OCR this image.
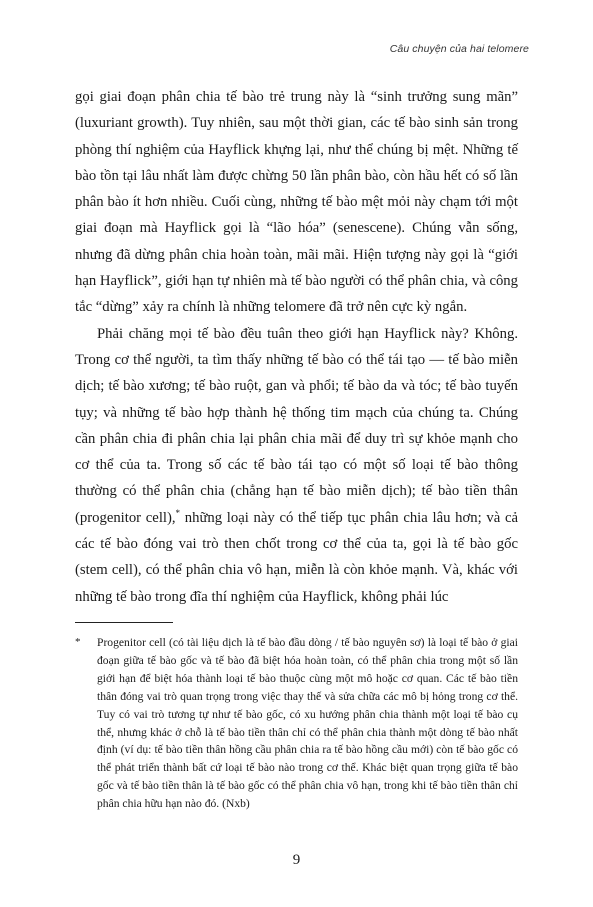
Câu chuyện của hai telomere

gọi giai đoạn phân chia tế bào trẻ trung này là “sinh trưởng sung mãn” (luxuriant growth). Tuy nhiên, sau một thời gian, các tế bào sinh sản trong phòng thí nghiệm của Hayflick khựng lại, như thể chúng bị mệt. Những tế bào tồn tại lâu nhất làm được chừng 50 lần phân bào, còn hầu hết có số lần phân bào ít hơn nhiều. Cuối cùng, những tế bào mệt mỏi này chạm tới một giai đoạn mà Hayflick gọi là “lão hóa” (senescene). Chúng vẫn sống, nhưng đã dừng phân chia hoàn toàn, mãi mãi. Hiện tượng này gọi là “giới hạn Hayflick”, giới hạn tự nhiên mà tế bào người có thể phân chia, và công tắc “dừng” xảy ra chính là những telomere đã trở nên cực kỳ ngắn.

Phải chăng mọi tế bào đều tuân theo giới hạn Hayflick này? Không. Trong cơ thể người, ta tìm thấy những tế bào có thể tái tạo — tế bào miễn dịch; tế bào xương; tế bào ruột, gan và phổi; tế bào da và tóc; tế bào tuyến tụy; và những tế bào hợp thành hệ thống tim mạch của chúng ta. Chúng cần phân chia đi phân chia lại phân chia mãi để duy trì sự khỏe mạnh cho cơ thể của ta. Trong số các tế bào tái tạo có một số loại tế bào thông thường có thể phân chia (chẳng hạn tế bào miễn dịch); tế bào tiền thân (progenitor cell),* những loại này có thể tiếp tục phân chia lâu hơn; và cả các tế bào đóng vai trò then chốt trong cơ thể của ta, gọi là tế bào gốc (stem cell), có thể phân chia vô hạn, miễn là còn khỏe mạnh. Và, khác với những tế bào trong đĩa thí nghiệm của Hayflick, không phải lúc

*	Progenitor cell (có tài liệu dịch là tế bào đầu dòng / tế bào nguyên sơ) là loại tế bào ở giai đoạn giữa tế bào gốc và tế bào đã biệt hóa hoàn toàn, có thể phân chia trong một số lần giới hạn để biệt hóa thành loại tế bào thuộc cùng một mô hoặc cơ quan. Các tế bào tiền thân đóng vai trò quan trọng trong việc thay thế và sửa chữa các mô bị hỏng trong cơ thể. Tuy có vai trò tương tự như tế bào gốc, có xu hướng phân chia thành một loại tế bào cụ thể, nhưng khác ở chỗ là tế bào tiền thân chỉ có thể phân chia thành một dòng tế bào nhất định (ví dụ: tế bào tiền thân hồng cầu phân chia ra tế bào hồng cầu mới) còn tế bào gốc có thể phát triển thành bất cứ loại tế bào nào trong cơ thể. Khác biệt quan trọng giữa tế bào gốc và tế bào tiền thân là tế bào gốc có thể phân chia vô hạn, trong khi tế bào tiền thân chỉ phân chia hữu hạn nào đó. (Nxb)
9
